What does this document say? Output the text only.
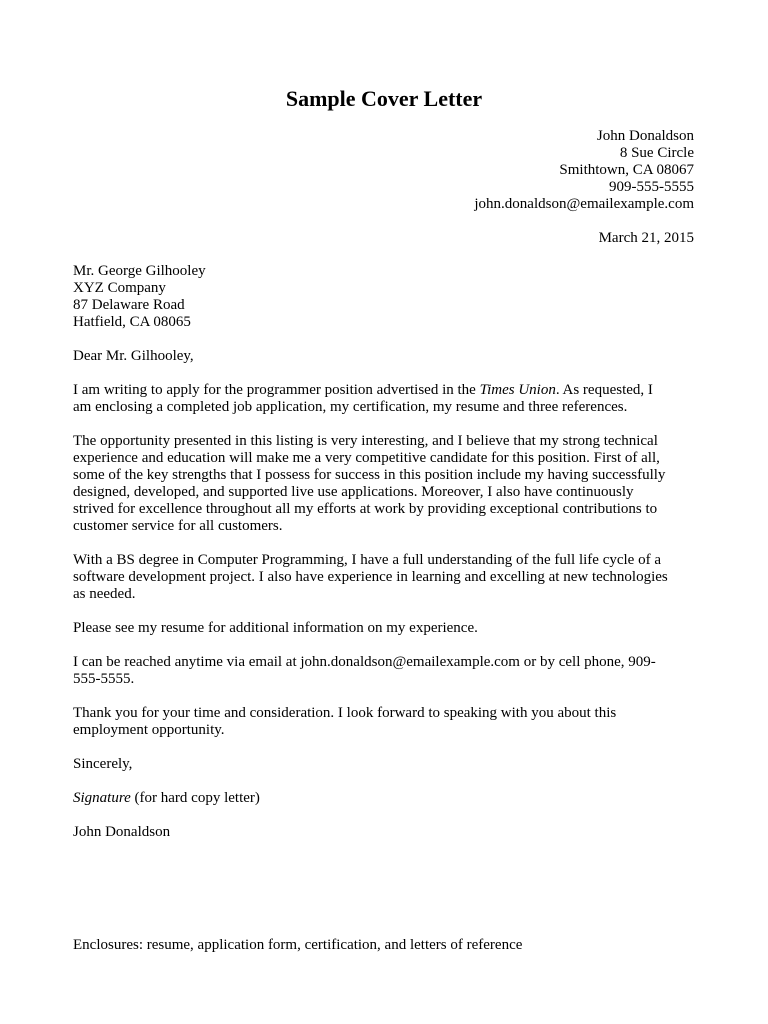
Sample Cover Letter
John Donaldson
8 Sue Circle
Smithtown, CA 08067
909-555-5555
john.donaldson@emailexample.com
March 21, 2015

Mr. George Gilhooley
XYZ Company
87 Delaware Road
Hatfield, CA 08065

Dear Mr. Gilhooley,

I am writing to apply for the programmer position advertised in the Times Union. As requested, I
am enclosing a completed job application, my certification, my resume and three references.

The opportunity presented in this listing is very interesting, and I believe that my strong technical
experience and education will make me a very competitive candidate for this position. First of all,
some of the key strengths that I possess for success in this position include my having successfully
designed, developed, and supported live use applications. Moreover, I also have continuously
strived for excellence throughout all my efforts at work by providing exceptional contributions to
customer service for all customers.

With a BS degree in Computer Programming, I have a full understanding of the full life cycle of a
software development project. I also have experience in learning and excelling at new technologies
as needed.

Please see my resume for additional information on my experience.

I can be reached anytime via email at john.donaldson@emailexample.com or by cell phone, 909-
555-5555.

Thank you for your time and consideration. I look forward to speaking with you about this
employment opportunity.

Sincerely,

Signature (for hard copy letter)

John Donaldson

Enclosures: resume, application form, certification, and letters of reference
